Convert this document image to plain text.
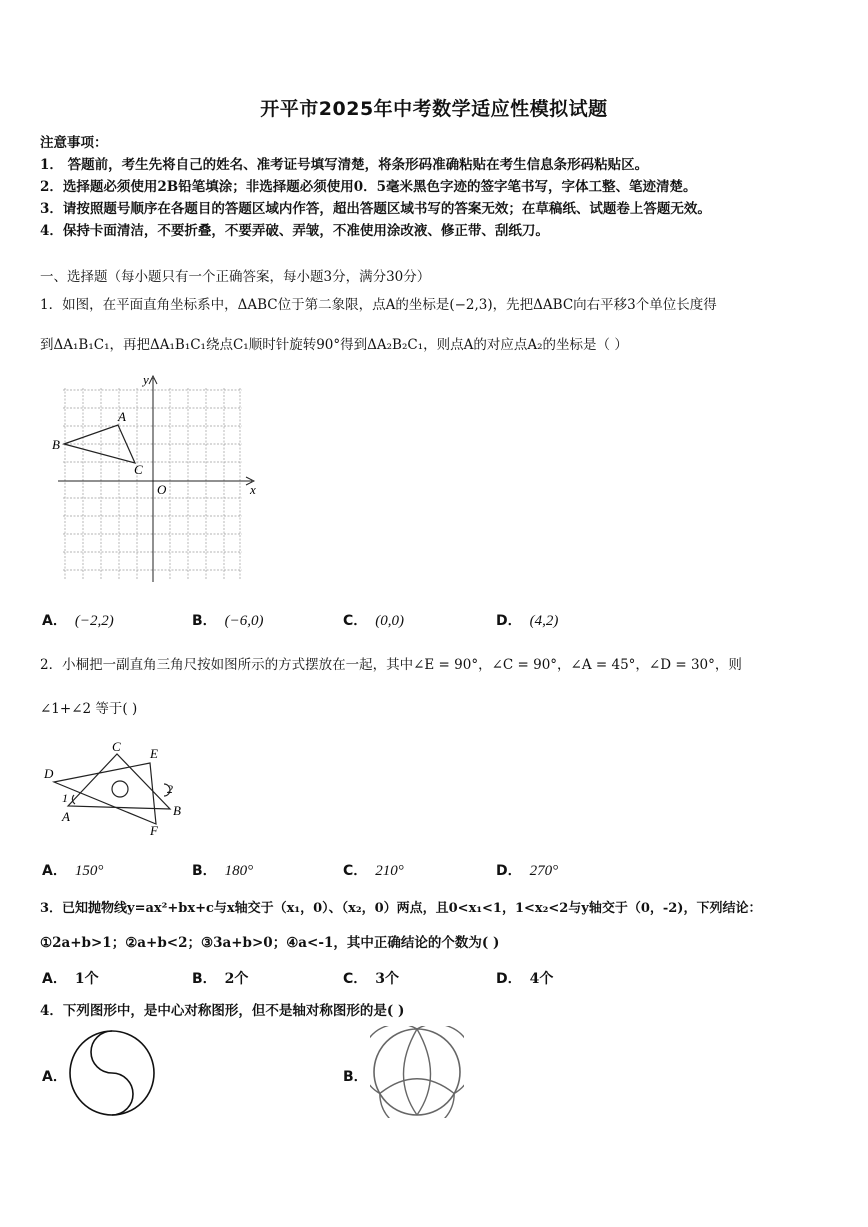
开平市2025年中考数学适应性模拟试题
注意事项：
1． 答题前，考生先将自己的姓名、准考证号填写清楚，将条形码准确粘贴在考生信息条形码粘贴区。
2．选择题必须使用2B铅笔填涂；非选择题必须使用0．5毫米黑色字迹的签字笔书写，字体工整、笔迹清楚。
3．请按照题号顺序在各题目的答题区域内作答，超出答题区域书写的答案无效；在草稿纸、试题卷上答题无效。
4．保持卡面清洁，不要折叠，不要弄破、弄皱，不准使用涂改液、修正带、刮纸刀。
一、选择题（每小题只有一个正确答案，每小题3分，满分30分）
1．如图，在平面直角坐标系中，ΔABC位于第二象限，点A的坐标是(−2,3)，先把ΔABC向右平移3个单位长度得
到ΔA₁B₁C₁，再把ΔA₁B₁C₁绕点C₁顺时针旋转90°得到ΔA₂B₂C₁，则点A的对应点A₂的坐标是（ ）
y
x
O
A
B
C
A． (−2,2)	B． (−6,0)	C． (0,0)	D． (4,2)
2．小桐把一副直角三角尺按如图所示的方式摆放在一起，其中∠E = 90°，∠C = 90°，∠A = 45°，∠D = 30°，则
∠1+∠2 等于( )
C E
D
A	B
F
1
2
A． 150°	B． 180°	C． 210°	D． 270°
3．已知抛物线y=ax²+bx+c与x轴交于（x₁，0）、（x₂，0）两点，且0<x₁<1，1<x₂<2与y轴交于（0，-2)，下列结论：
①2a+b>1；②a+b<2；③3a+b>0；④a<-1，其中正确结论的个数为( )
A． 1个	B． 2个	C． 3个	D． 4个
4．下列图形中，是中心对称图形，但不是轴对称图形的是( )
A．	B．
